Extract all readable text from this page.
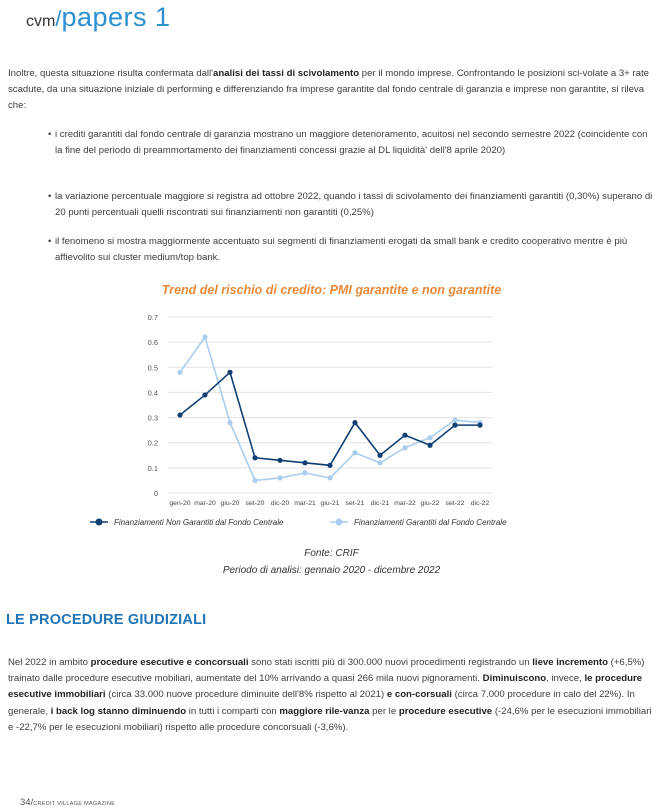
cvm/papers 1
Inoltre, questa situazione risulta confermata dall'analisi dei tassi di scivolamento per il mondo imprese. Confrontando le posizioni sci-volate a 3+ rate scadute, da una situazione iniziale di performing e differenziando fra imprese garantite dal fondo centrale di garanzia e imprese non garantite, si rileva che:
• i crediti garantiti dal fondo centrale di garanzia mostrano un maggiore deterioramento, acuitosi nel secondo semestre 2022 (coincidente con la fine del periodo di preammortamento dei finanziamenti concessi grazie al DL liquidità' dell'8 aprile 2020)
• la variazione percentuale maggiore si registra ad ottobre 2022, quando i tassi di scivolamento dei finanziamenti garantiti (0,30%) superano di 20 punti percentuali quelli riscontrati sui finanziamenti non garantiti (0,25%)
• il fenomeno si mostra maggiormente accentuato sui segmenti di finanziamenti erogati da small bank e credito cooperativo mentre è più affievolito sui cluster medium/top bank.
Trend del rischio di credito: PMI garantite e non garantite
0
0.1
0.2
0.3
0.4
0.5
0.6
0.7
gen-20 mar-20 giu-20 set-20 dic-20 mar-21 giu-21 set-21 dic-21 mar-22 giu-22 set-22 dic-22
Finanziamenti Non Garantiti dal Fondo Centrale	Finanziamenti Garantiti dal Fondo Centrale
Fonte: CRIF
Periodo di analisi: gennaio 2020 - dicembre 2022
LE PROCEDURE GIUDIZIALI
Nel 2022 in ambito procedure esecutive e concorsuali sono stati iscritti più di 300.000 nuovi procedimenti registrando un lieve incremento (+6,5%) trainato dalle procedure esecutive mobiliari, aumentate del 10% arrivando a quasi 266 mila nuovi pignoramenti. Diminuiscono, invece, le procedure esecutive immobiliari (circa 33.000 nuove procedure diminuite dell'8% rispetto al 2021) e con-corsuali (circa 7.000 procedure in calo del 22%). In generale, i back log stanno diminuendo in tutti i comparti con maggiore rile-vanza per le procedure esecutive (-24,6% per le esecuzioni immobiliari e -22,7% per le esecuzioni mobiliari) rispetto alle procedure concorsuali (-3,6%).
34/CREDIT VILLAGE MAGAZINE
